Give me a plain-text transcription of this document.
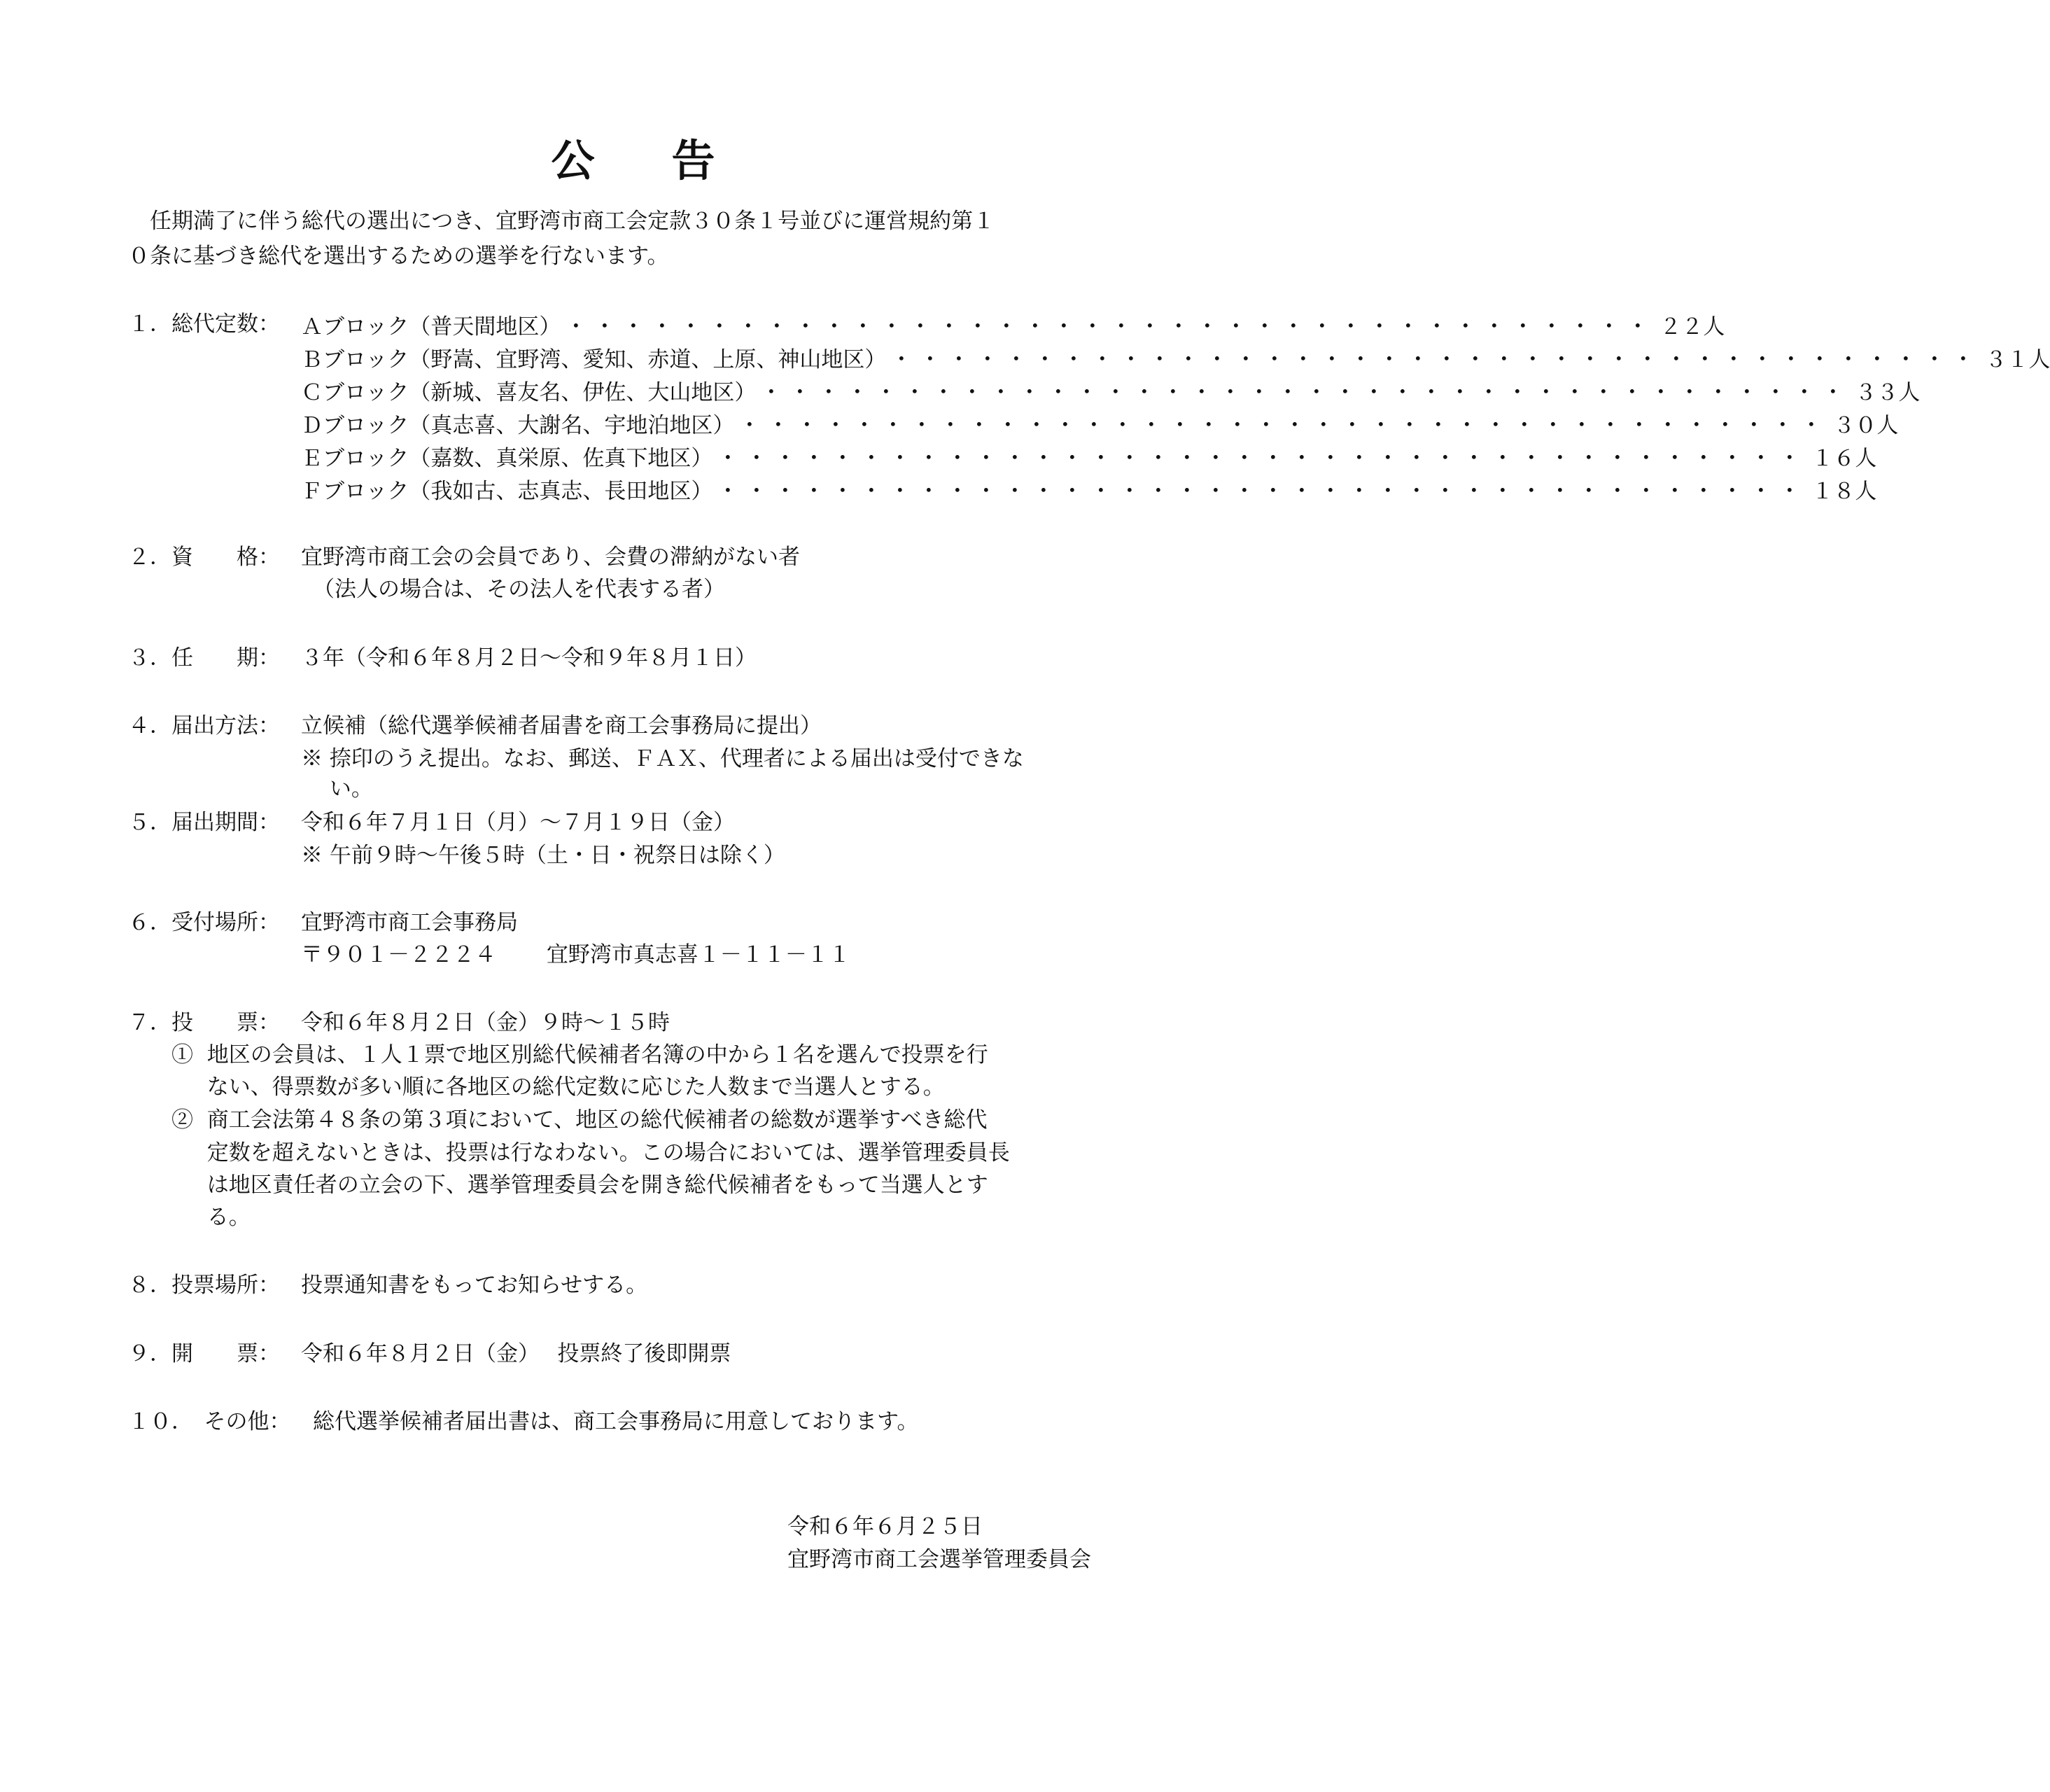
公 告
任期満了に伴う総代の選出につき、宜野湾市商工会定款３０条１号並びに運営規約第１
０条に基づき総代を選出するための選挙を行ないます。
１．総代定数： Ａブロック（普天間地区） ・・・・・・・・・・・・・・・・・・・・・・・・・・・・・・・・・・・・・・ ２２人
Ｂブロック（野嵩、宜野湾、愛知、赤道、上原、神山地区） ・・・・・・・・・・・・・・・・・・・・・・・・・・・・・・・・・・・・・・ ３１人
Ｃブロック（新城、喜友名、伊佐、大山地区） ・・・・・・・・・・・・・・・・・・・・・・・・・・・・・・・・・・・・・・ ３３人
Ｄブロック（真志喜、大謝名、宇地泊地区） ・・・・・・・・・・・・・・・・・・・・・・・・・・・・・・・・・・・・・・ ３０人
Ｅブロック（嘉数、真栄原、佐真下地区） ・・・・・・・・・・・・・・・・・・・・・・・・・・・・・・・・・・・・・・ １６人
Ｆブロック（我如古、志真志、長田地区） ・・・・・・・・・・・・・・・・・・・・・・・・・・・・・・・・・・・・・・ １８人
２．資　　格： 宜野湾市商工会の会員であり、会費の滞納がない者
（法人の場合は、その法人を代表する者）
３．任　　期： ３年（令和６年８月２日～令和９年８月１日）
４．届出方法： 立候補（総代選挙候補者届書を商工会事務局に提出）
※ 捺印のうえ提出。なお、郵送、ＦＡＸ、代理者による届出は受付できな
　 い。
５．届出期間： 令和６年７月１日（月）～７月１９日（金）
※ 午前９時～午後５時（土・日・祝祭日は除く）
６．受付場所： 宜野湾市商工会事務局
〒９０１－２２２４　　 宜野湾市真志喜１－１１－１１
７．投　　票： 令和６年８月２日（金）９時～１５時
①  地区の会員は、１人１票で地区別総代候補者名簿の中から１名を選んで投票を行
　  ない、得票数が多い順に各地区の総代定数に応じた人数まで当選人とする。
②  商工会法第４８条の第３項において、地区の総代候補者の総数が選挙すべき総代
　  定数を超えないときは、投票は行なわない。この場合においては、選挙管理委員長
　  は地区責任者の立会の下、選挙管理委員会を開き総代候補者をもって当選人とす
　  る。
８．投票場所： 投票通知書をもってお知らせする。
９．開　　票： 令和６年８月２日（金）　 投票終了後即開票
１０．　その他： 総代選挙候補者届出書は、商工会事務局に用意しております。
令和６年６月２５日
宜野湾市商工会選挙管理委員会
